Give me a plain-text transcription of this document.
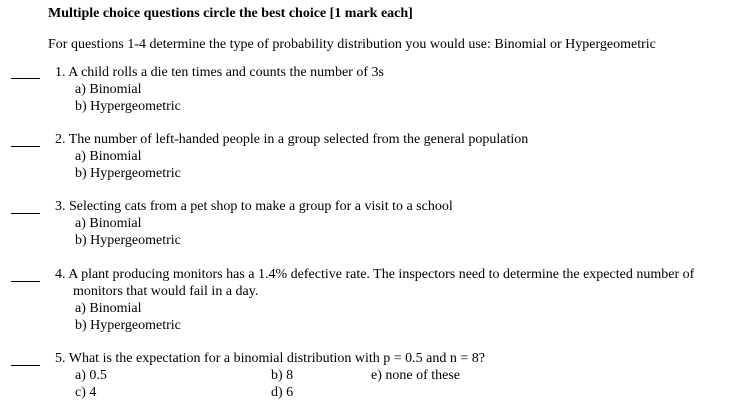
Multiple choice questions circle the best choice [1 mark each]
For questions 1-4 determine the type of probability distribution you would use: Binomial or Hypergeometric
1. A child rolls a die ten times and counts the number of 3s
a) Binomial
b) Hypergeometric
2. The number of left-handed people in a group selected from the general population
a) Binomial
b) Hypergeometric
3. Selecting cats from a pet shop to make a group for a visit to a school
a) Binomial
b) Hypergeometric
4. A plant producing monitors has a 1.4% defective rate. The inspectors need to determine the expected number of
monitors that would fail in a day.
a) Binomial
b) Hypergeometric
5. What is the expectation for a binomial distribution with p = 0.5 and n = 8?
a) 0.5	b) 8	e) none of these
c) 4	d) 6
